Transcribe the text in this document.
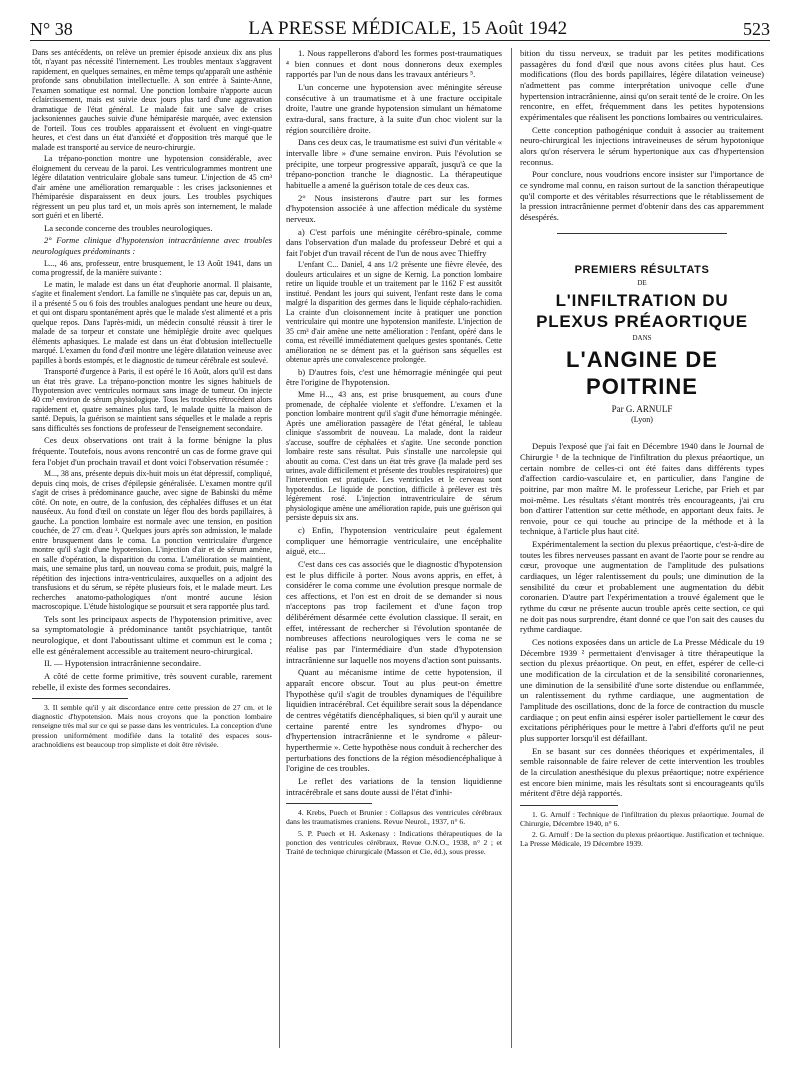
N° 38	LA PRESSE MÉDICALE, 15 Août 1942	523

Dans ses antécédents, on relève un premier épisode anxieux dix ans plus tôt, n'ayant pas nécessité l'internement. Les troubles mentaux s'aggravent rapidement, en quelques semaines, en même temps qu'apparaît une asthénie profonde sans obnubilation intellectuelle. A son entrée à Sainte-Anne, l'examen somatique est normal. Une ponction lombaire n'apporte aucun éclaircissement, mais est suivie deux jours plus tard d'une aggravation dramatique de l'état général. Le malade fait une salve de crises jacksoniennes gauches suivie d'une hémiparésie marquée, avec extension de l'orteil. Tous ces troubles apparaissent et évoluent en vingt-quatre heures, et c'est dans un état d'anxiété et d'opposition très marqué que le malade est transporté au service de neuro-chirurgie.

La trépano-ponction montre une hypotension considérable, avec éloignement du cerveau de la paroi. Les ventriculogrammes montrent une légère dilatation ventriculaire globale sans tumeur. L'injection de 45 cm³ d'air amène une amélioration remarquable : les crises jacksoniennes et l'hémiparésie disparaissent en deux jours. Les troubles psychiques régressent un peu plus tard et, un mois après son internement, le malade sort guéri et en liberté.

La seconde concerne des troubles neurologiques.

2° Forme clinique d'hypotension intracrânienne avec troubles neurologiques prédominants :

L..., 46 ans, professeur, entre brusquement, le 13 Août 1941, dans un coma progressif, de la manière suivante :

Le matin, le malade est dans un état d'euphorie anormal. Il plaisante, s'agite et finalement s'endort. La famille ne s'inquiète pas car, depuis un an, il a présenté 5 ou 6 fois des troubles analogues pendant une heure ou deux, et qui ont disparu spontanément après que le malade s'est alimenté et a pris quelque repos. Dans l'après-midi, un médecin consulté réussit à tirer le malade de sa torpeur et constate une hémiplégie droite avec quelques éléments aphasiques. Le malade est dans un état d'obtusion intellectuelle marqué. L'examen du fond d'œil montre une légère dilatation veineuse avec papilles à bords estompés, et le diagnostic de tumeur cérébrale est soulevé.

Transporté d'urgence à Paris, il est opéré le 16 Août, alors qu'il est dans un état très grave. La trépano-ponction montre les signes habituels de l'hypotension avec ventricules normaux sans image de tumeur. On injecte 40 cm³ environ de sérum physiologique. Tous les troubles rétrocèdent alors rapidement et, quatre semaines plus tard, le malade quitte la maison de santé. Depuis, la guérison se maintient sans séquelles et le malade a repris sans difficultés ses fonctions de professeur de l'enseignement secondaire.

Ces deux observations ont trait à la forme bénigne la plus fréquente. Toutefois, nous avons rencontré un cas de forme grave qui fera l'objet d'un prochain travail et dont voici l'observation résumée :

M..., 38 ans, présente depuis dix-huit mois un état dépressif, compliqué, depuis cinq mois, de crises d'épilepsie généralisée. L'examen montre qu'il s'agit de crises à prédominance gauche, avec signe de Babinski du même côté. On note, en outre, de la confusion, des céphalées diffuses et un état nauséeux. Au fond d'œil on constate un léger flou des bords papillaires, à gauche. La ponction lombaire est normale avec une tension, en position couchée, de 27 cm. d'eau ³. Quelques jours après son admission, le malade entre brusquement dans le coma. La ponction ventriculaire d'urgence montre qu'il s'agit d'une hypotension. L'injection d'air et de sérum amène, en salle d'opération, la disparition du coma. L'amélioration se maintient, mais, une semaine plus tard, un nouveau coma se produit, puis, malgré la répétition des injections intra-ventriculaires, auxquelles on a adjoint des transfusions et du sérum, se répète plusieurs fois, et le malade meurt. Les recherches anatomo-pathologiques n'ont montré aucune lésion macroscopique. L'étude histologique se poursuit et sera rapportée plus tard.

Tels sont les principaux aspects de l'hypotension primitive, avec sa symptomatologie à prédominance tantôt psychiatrique, tantôt neurologique, et dont l'aboutissant ultime et commun est le coma ; elle est généralement accessible au traitement neuro-chirurgical.

II. — Hypotension intracrânienne secondaire.

A côté de cette forme primitive, très souvent curable, rarement rebelle, il existe des formes secondaires.

3. Il semble qu'il y ait discordance entre cette pression de 27 cm. et le diagnostic d'hypotension. Mais nous croyons que la ponction lombaire renseigne très mal sur ce qui se passe dans les ventricules. La conception d'une pression uniformément modifiée dans la totalité des espaces sous-arachnoïdiens est beaucoup trop simpliste et doit être révisée.

1. Nous rappellerons d'abord les formes post-traumatiques ⁴ bien connues et dont nous donnerons deux exemples rapportés par l'un de nous dans les travaux antérieurs ⁵.

L'un concerne une hypotension avec méningite séreuse consécutive à un traumatisme et à une fracture occipitale droite, l'autre une grande hypotension simulant un hématome extra-dural, sans fracture, à la suite d'un choc violent sur la région sourcilière droite.

Dans ces deux cas, le traumatisme est suivi d'un véritable « intervalle libre » d'une semaine environ. Puis l'évolution se précipite, une torpeur progressive apparaît, jusqu'à ce que la trépano-ponction tranche le diagnostic. La thérapeutique habituelle a amené la guérison totale de ces deux cas.

2° Nous insisterons d'autre part sur les formes d'hypotension associée à une affection médicale du système nerveux.

a) C'est parfois une méningite cérébro-spinale, comme dans l'observation d'un malade du professeur Debré et qui a fait l'objet d'un travail récent de l'un de nous avec Thieffry

L'enfant C... Daniel, 4 ans 1/2 présente une fièvre élevée, des douleurs articulaires et un signe de Kernig. La ponction lombaire retire un liquide trouble et un traitement par le 1162 F est aussitôt institué. Pendant les jours qui suivent, l'enfant reste dans le coma malgré la disparition des germes dans le liquide céphalo-rachidien. La crainte d'un cloisonnement incite à pratiquer une ponction ventriculaire qui montre une hypotension manifeste. L'injection de 35 cm³ d'air amène une nette amélioration : l'enfant, opéré dans le coma, est réveillé immédiatement quelques gestes spontanés. Cette amélioration ne se dément pas et la guérison sans séquelles est obtenue après une convalescence prolongée.

b) D'autres fois, c'est une hémorragie méningée qui peut être l'origine de l'hypotension.

Mme H..., 43 ans, est prise brusquement, au cours d'une promenade, de céphalée violente et s'effondre. L'examen et la ponction lombaire montrent qu'il s'agit d'une hémorragie méningée. Après une amélioration passagère de l'état général, le tableau clinique s'assombrit de nouveau. La malade, dont la raideur s'accuse, souffre de céphalées et s'agite. Une seconde ponction lombaire reste sans résultat. Puis s'installe une narcolepsie qui aboutit au coma. C'est dans un état très grave (la malade perd ses urines, avale difficilement et présente des troubles respiratoires) que l'intervention est pratiquée. Les ventricules et le cerveau sont hypotendus. Le liquide de ponction, difficile à prélever est très légèrement rosé. L'injection intraventriculaire de sérum physiologique amène une amélioration rapide, puis une guérison qui persiste depuis six ans.

c) Enfin, l'hypotension ventriculaire peut également compliquer une hémorragie ventriculaire, une encéphalite aiguë, etc...

C'est dans ces cas associés que le diagnostic d'hypotension est le plus difficile à porter. Nous avons appris, en effet, à considérer le coma comme une évolution presque normale de ces affections, et l'on est en droit de se demander si nous n'acceptons pas trop facilement et d'une façon trop délibérément désarmée cette évolution classique. Il serait, en effet, intéressant de rechercher si l'évolution spontanée de nombreuses affections neurologiques vers le coma ne se réalise pas par l'intermédiaire d'un stade d'hypotension intracrânienne sur laquelle nos moyens d'action sont puissants.

Quant au mécanisme intime de cette hypotension, il apparaît encore obscur. Tout au plus peut-on émettre l'hypothèse qu'il s'agit de troubles dynamiques de l'équilibre liquidien intracérébral. Cet équilibre serait sous la dépendance de centres végétatifs diencéphaliques, si bien qu'il y aurait une certaine parenté entre les syndromes d'hypo- ou d'hypertension intracrânienne et le syndrome « pâleur-hyperthermie ». Cette hypothèse nous conduit à rechercher des perturbations des fonctions de la région mésodiencéphalique à l'origine de ces troubles.

Le reflet des variations de la tension liquidienne intracérébrale et sans doute aussi de l'état d'inhi-

4. Krebs, Puech et Brunier : Collapsus des ventricules cérébraux dans les traumatismes craniens. Revue Neurol., 1937, n° 6.

5. P. Puech et H. Askenasy : Indications thérapeutiques de la ponction des ventricules cérébraux, Revue O.N.O., 1938, n° 2 ; et Traité de technique chirurgicale (Masson et Cie, éd.), sous presse.

bition du tissu nerveux, se traduit par les petites modifications passagères du fond d'œil que nous avons citées plus haut. Ces modifications (flou des bords papillaires, légère dilatation veineuse) n'admettent pas comme interprétation univoque celle d'une hypertension intracrânienne, ainsi qu'on serait tenté de le croire. On les rencontre, en effet, fréquemment dans les petites hypotensions expérimentales que réalisent les ponctions lombaires ou ventriculaires.

Cette conception pathogénique conduit à associer au traitement neuro-chirurgical les injections intraveineuses de sérum hypotonique alors qu'on réservera le sérum hypertonique aux cas d'hypertension reconnus.

Pour conclure, nous voudrions encore insister sur l'importance de ce syndrome mal connu, en raison surtout de la sanction thérapeutique qu'il comporte et des véritables résurrections que le rétablissement de la pression intracrânienne permet d'obtenir dans des cas apparemment désespérés.

PREMIERS RÉSULTATS
DE
L'INFILTRATION DU PLEXUS PRÉAORTIQUE
DANS
L'ANGINE DE POITRINE
Par G. ARNULF
(Lyon)

Depuis l'exposé que j'ai fait en Décembre 1940 dans le Journal de Chirurgie ¹ de la technique de l'infiltration du plexus préaortique, un certain nombre de celles-ci ont été faites dans différents types d'affection cardio-vasculaire et, en particulier, dans l'angine de poitrine, par mon maître M. le professeur Leriche, par Frieh et par moi-même. Les résultats s'étant montrés très encourageants, j'ai cru bon d'attirer l'attention sur cette méthode, en apportant deux faits. Je renvoie, pour ce qui touche au principe de la méthode et à la technique, à l'article plus haut cité.

Expérimentalement la section du plexus préaortique, c'est-à-dire de toutes les fibres nerveuses passant en avant de l'aorte pour se rendre au cœur, provoque une augmentation de l'amplitude des pulsations cardiaques, un léger ralentissement du pouls; une diminution de la sensibilité du cœur et probablement une augmentation du débit coronarien. D'autre part l'expérimentation a trouvé également que le rythme du cœur ne présente aucun trouble après cette section, ce qui ne doit pas nous surprendre, étant donné ce que l'on sait des causes du rythme cardiaque.

Ces notions exposées dans un article de La Presse Médicale du 19 Décembre 1939 ² permettaient d'envisager à titre thérapeutique la section du plexus préaortique. On peut, en effet, espérer de celle-ci une modification de la circulation et de la sensibilité coronariennes, une diminution de la sensibilité d'une sorte distendue ou enflammée, un ralentissement du rythme cardiaque, une augmentation de l'amplitude des oscillations, donc de la force de contraction du muscle cardiaque ; on peut enfin ainsi espérer isoler partiellement le cœur des excitations périphériques pour le mettre à l'abri d'efforts qu'il ne peut plus supporter lorsqu'il est défaillant.

En se basant sur ces données théoriques et expérimentales, il semble raisonnable de faire relever de cette intervention les troubles de la circulation anesthésique du plexus préaortique; notre expérience est encore bien minime, mais les résultats sont si encourageants qu'ils méritent d'être déjà rapportés.

1. G. Arnulf : Technique de l'infiltration du plexus préaortique. Journal de Chirurgie, Décembre 1940, n° 6.

2. G. Arnulf : De la section du plexus préaortique. Justification et technique. La Presse Médicale, 19 Décembre 1939.
